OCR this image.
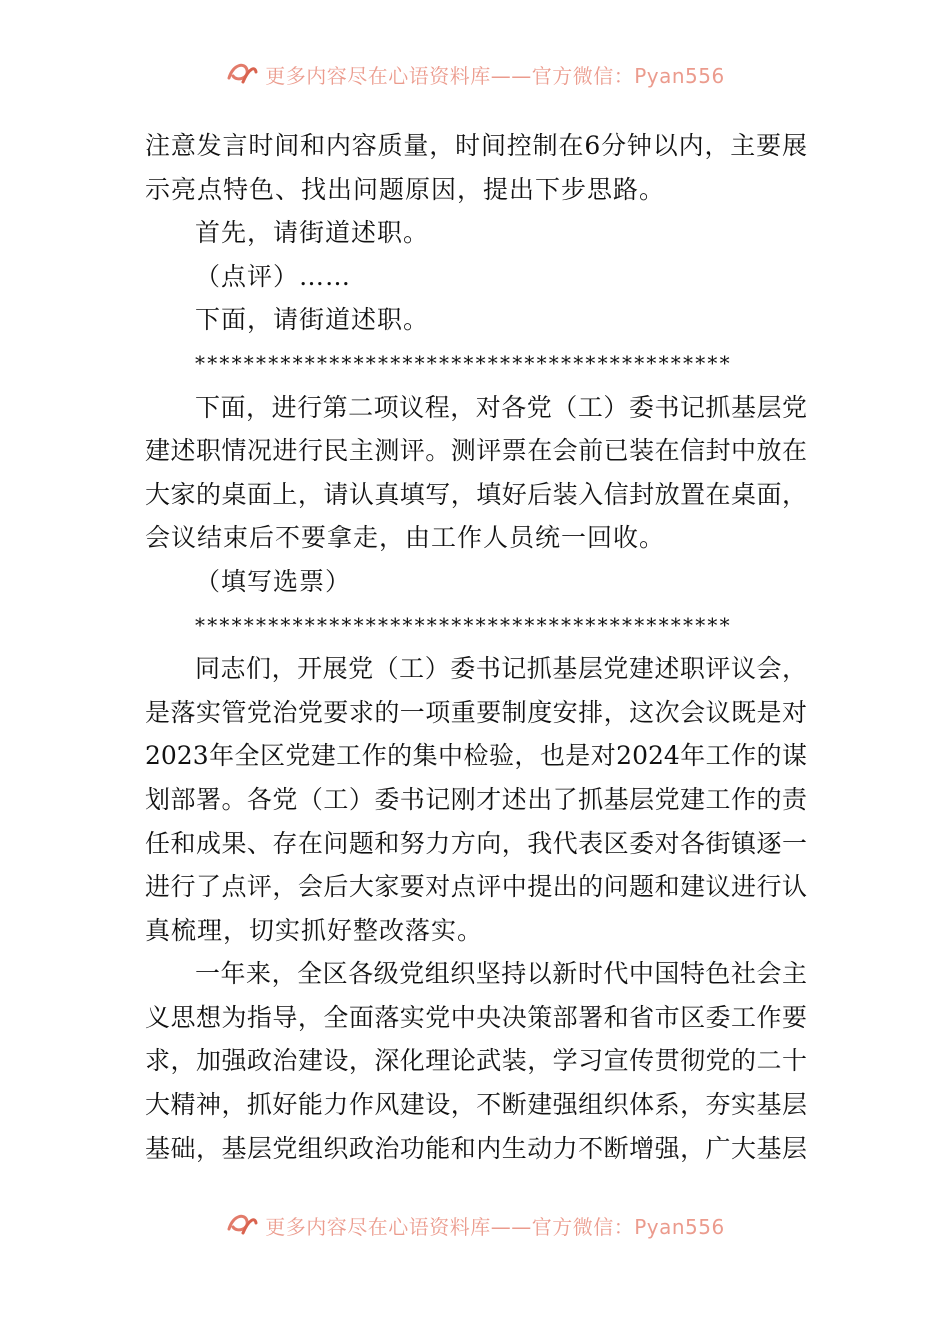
更多内容尽在心语资料库——官方微信：Pyan556
注意发言时间和内容质量，时间控制在6分钟以内，主要展
示亮点特色、找出问题原因，提出下步思路。
首先，请街道述职。
（点评）……
下面，请街道述职。
********************************************
下面，进行第二项议程，对各党（工）委书记抓基层党
建述职情况进行民主测评。测评票在会前已装在信封中放在
大家的桌面上，请认真填写，填好后装入信封放置在桌面，
会议结束后不要拿走，由工作人员统一回收。
（填写选票）
********************************************
同志们，开展党（工）委书记抓基层党建述职评议会，
是落实管党治党要求的一项重要制度安排，这次会议既是对
2023年全区党建工作的集中检验，也是对2024年工作的谋
划部署。各党（工）委书记刚才述出了抓基层党建工作的责
任和成果、存在问题和努力方向，我代表区委对各街镇逐一
进行了点评，会后大家要对点评中提出的问题和建议进行认
真梳理，切实抓好整改落实。
一年来，全区各级党组织坚持以新时代中国特色社会主
义思想为指导，全面落实党中央决策部署和省市区委工作要
求，加强政治建设，深化理论武装，学习宣传贯彻党的二十
大精神，抓好能力作风建设，不断建强组织体系，夯实基层
基础，基层党组织政治功能和内生动力不断增强，广大基层
更多内容尽在心语资料库——官方微信：Pyan556
